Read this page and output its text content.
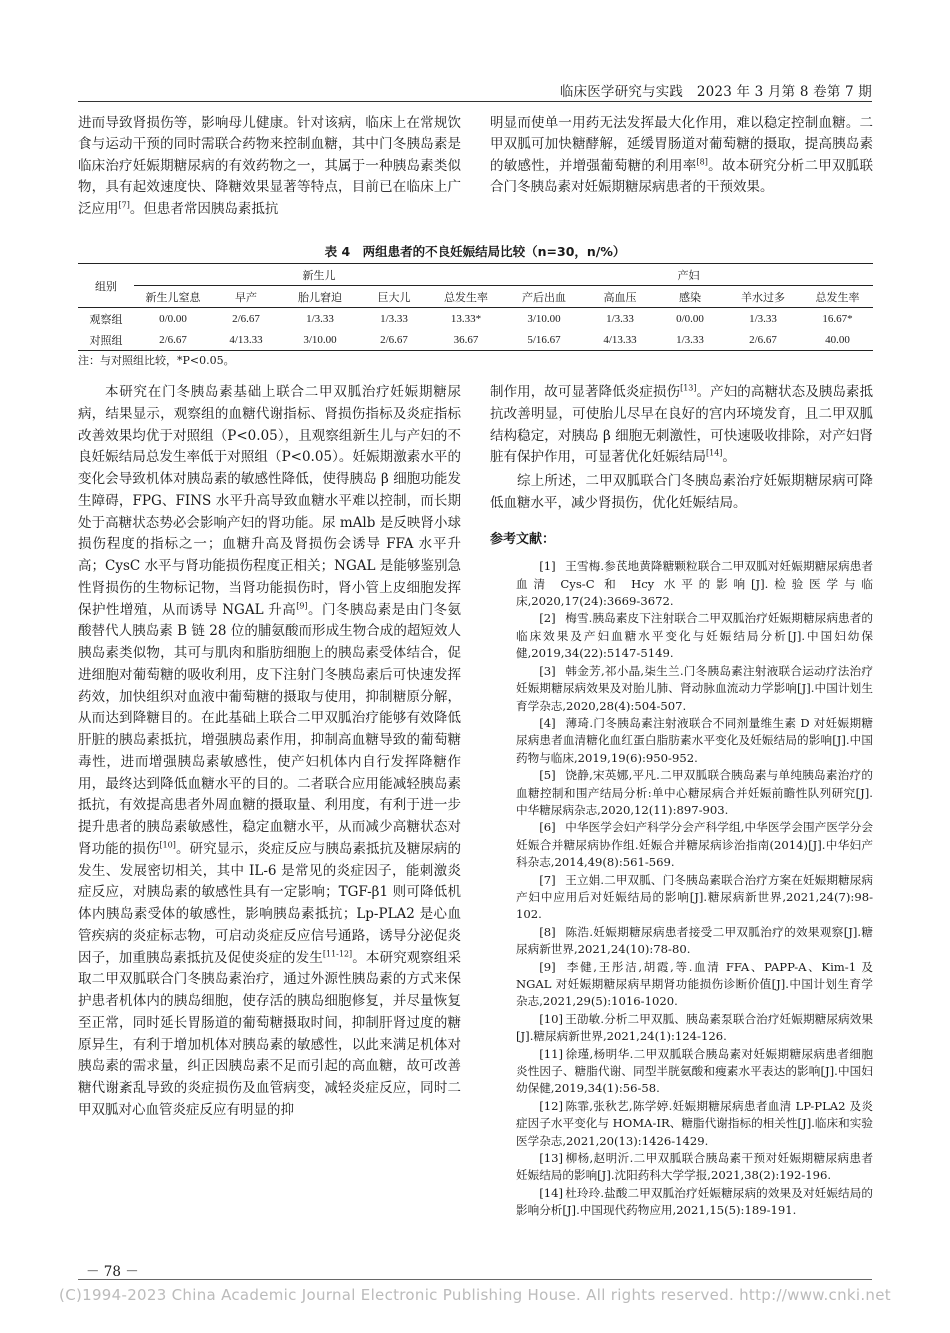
临床医学研究与实践 2023 年 3 月第 8 卷第 7 期

进而导致肾损伤等，影响母儿健康。针对该病，临床上在常规饮食与运动干预的同时需联合药物来控制血糖，其中门冬胰岛素是临床治疗妊娠期糖尿病的有效药物之一，其属于一种胰岛素类似物，具有起效速度快、降糖效果显著等特点，目前已在临床上广泛应用[7]。但患者常因胰岛素抵抗

明显而使单一用药无法发挥最大化作用，难以稳定控制血糖。二甲双胍可加快糖酵解，延缓胃肠道对葡萄糖的摄取，提高胰岛素的敏感性，并增强葡萄糖的利用率[8]。故本研究分析二甲双胍联合门冬胰岛素对妊娠期糖尿病患者的干预效果。

表 4 两组患者的不良妊娠结局比较（n=30，n/%）
组别	新生儿					产妇				
	新生儿窒息	早产	胎儿窘迫	巨大儿	总发生率	产后出血	高血压	感染	羊水过多	总发生率
观察组	0/0.00	2/6.67	1/3.33	1/3.33	13.33*	3/10.00	1/3.33	0/0.00	1/3.33	16.67*
对照组	2/6.67	4/13.33	3/10.00	2/6.67	36.67	5/16.67	4/13.33	1/3.33	2/6.67	40.00
注：与对照组比较，*P<0.05。

本研究在门冬胰岛素基础上联合二甲双胍治疗妊娠期糖尿病，结果显示，观察组的血糖代谢指标、肾损伤指标及炎症指标改善效果均优于对照组（P<0.05），且观察组新生儿与产妇的不良妊娠结局总发生率低于对照组（P<0.05）。妊娠期激素水平的变化会导致机体对胰岛素的敏感性降低，使得胰岛 β 细胞功能发生障碍，FPG、FINS 水平升高导致血糖水平难以控制，而长期处于高糖状态势必会影响产妇的肾功能。尿 mAlb 是反映肾小球损伤程度的指标之一；血糖升高及肾损伤会诱导 FFA 水平升高；CysC 水平与肾功能损伤程度正相关；NGAL 是能够鉴别急性肾损伤的生物标记物，当肾功能损伤时，肾小管上皮细胞发挥保护性增殖，从而诱导 NGAL 升高[9]。门冬胰岛素是由门冬氨酸替代人胰岛素 B 链 28 位的脯氨酸而形成生物合成的超短效人胰岛素类似物，其可与肌肉和脂肪细胞上的胰岛素受体结合，促进细胞对葡萄糖的吸收利用，皮下注射门冬胰岛素后可快速发挥药效，加快组织对血液中葡萄糖的摄取与使用，抑制糖原分解，从而达到降糖目的。在此基础上联合二甲双胍治疗能够有效降低肝脏的胰岛素抵抗，增强胰岛素作用，抑制高血糖导致的葡萄糖毒性，进而增强胰岛素敏感性，使产妇机体内自行发挥降糖作用，最终达到降低血糖水平的目的。二者联合应用能减轻胰岛素抵抗，有效提高患者外周血糖的摄取量、利用度，有利于进一步提升患者的胰岛素敏感性，稳定血糖水平，从而减少高糖状态对肾功能的损伤[10]。研究显示，炎症反应与胰岛素抵抗及糖尿病的发生、发展密切相关，其中 IL-6 是常见的炎症因子，能刺激炎症反应，对胰岛素的敏感性具有一定影响；TGF-β1 则可降低机体内胰岛素受体的敏感性，影响胰岛素抵抗；Lp-PLA2 是心血管疾病的炎症标志物，可启动炎症反应信号通路，诱导分泌促炎因子，加重胰岛素抵抗及促使炎症的发生[11-12]。本研究观察组采取二甲双胍联合门冬胰岛素治疗，通过外源性胰岛素的方式来保护患者机体内的胰岛细胞，使存活的胰岛细胞修复，并尽量恢复至正常，同时延长胃肠道的葡萄糖摄取时间，抑制肝肾过度的糖原异生，有利于增加机体对胰岛素的敏感性，以此来满足机体对胰岛素的需求量，纠正因胰岛素不足而引起的高血糖，故可改善糖代谢紊乱导致的炎症损伤及血管病变，减轻炎症反应，同时二甲双胍对心血管炎症反应有明显的抑

制作用，故可显著降低炎症损伤[13]。产妇的高糖状态及胰岛素抵抗改善明显，可使胎儿尽早在良好的宫内环境发育，且二甲双胍结构稳定，对胰岛 β 细胞无刺激性，可快速吸收排除，对产妇肾脏有保护作用，可显著优化妊娠结局[14]。

综上所述，二甲双胍联合门冬胰岛素治疗妊娠期糖尿病可降低血糖水平，减少肾损伤，优化妊娠结局。

参考文献：

[1] 王雪梅.参芪地黄降糖颗粒联合二甲双胍对妊娠期糖尿病患者血清 Cys-C 和 Hcy 水平的影响[J].检验医学与临床,2020,17(24):3669-3672.

[2] 梅雪.胰岛素皮下注射联合二甲双胍治疗妊娠期糖尿病患者的临床效果及产妇血糖水平变化与妊娠结局分析[J].中国妇幼保健,2019,34(22):5147-5149.

[3] 韩金芳,祁小晶,柒生兰.门冬胰岛素注射液联合运动疗法治疗妊娠期糖尿病效果及对胎儿肺、肾动脉血流动力学影响[J].中国计划生育学杂志,2020,28(4):504-507.

[4] 薄琦.门冬胰岛素注射液联合不同剂量维生素 D 对妊娠期糖尿病患者血清糖化血红蛋白脂肪素水平变化及妊娠结局的影响[J].中国药物与临床,2019,19(6):950-952.

[5] 饶静,宋英娜,平凡.二甲双胍联合胰岛素与单纯胰岛素治疗的血糖控制和围产结局分析:单中心糖尿病合并妊娠前瞻性队列研究[J].中华糖尿病杂志,2020,12(11):897-903.

[6] 中华医学会妇产科学分会产科学组,中华医学会围产医学分会妊娠合并糖尿病协作组.妊娠合并糖尿病诊治指南(2014)[J].中华妇产科杂志,2014,49(8):561-569.

[7] 王立娟.二甲双胍、门冬胰岛素联合治疗方案在妊娠期糖尿病产妇中应用后对妊娠结局的影响[J].糖尿病新世界,2021,24(7):98-102.

[8] 陈浩.妊娠期糖尿病患者接受二甲双胍治疗的效果观察[J].糖尿病新世界,2021,24(10):78-80.

[9] 李健,王彤洁,胡霞,等.血清 FFA、PAPP-A、Kim-1 及 NGAL 对妊娠期糖尿病早期肾功能损伤诊断价值[J].中国计划生育学杂志,2021,29(5):1016-1020.

[10] 王劭敏.分析二甲双胍、胰岛素泵联合治疗妊娠期糖尿病效果[J].糖尿病新世界,2021,24(1):124-126.

[11] 徐瑾,杨明华.二甲双胍联合胰岛素对妊娠期糖尿病患者细胞炎性因子、糖脂代谢、同型半胱氨酸和瘦素水平表达的影响[J].中国妇幼保健,2019,34(1):56-58.

[12] 陈霏,张秋艺,陈学婷.妊娠期糖尿病患者血清 LP-PLA2 及炎症因子水平变化与 HOMA-IR、糖脂代谢指标的相关性[J].临床和实验医学杂志,2021,20(13):1426-1429.

[13] 柳杨,赵明沂.二甲双胍联合胰岛素干预对妊娠期糖尿病患者妊娠结局的影响[J].沈阳药科大学学报,2021,38(2):192-196.

[14] 杜玲玲.盐酸二甲双胍治疗妊娠糖尿病的效果及对妊娠结局的影响分析[J].中国现代药物应用,2021,15(5):189-191.

－ 78 －
(C)1994-2023 China Academic Journal Electronic Publishing House. All rights reserved. http://www.cnki.net
